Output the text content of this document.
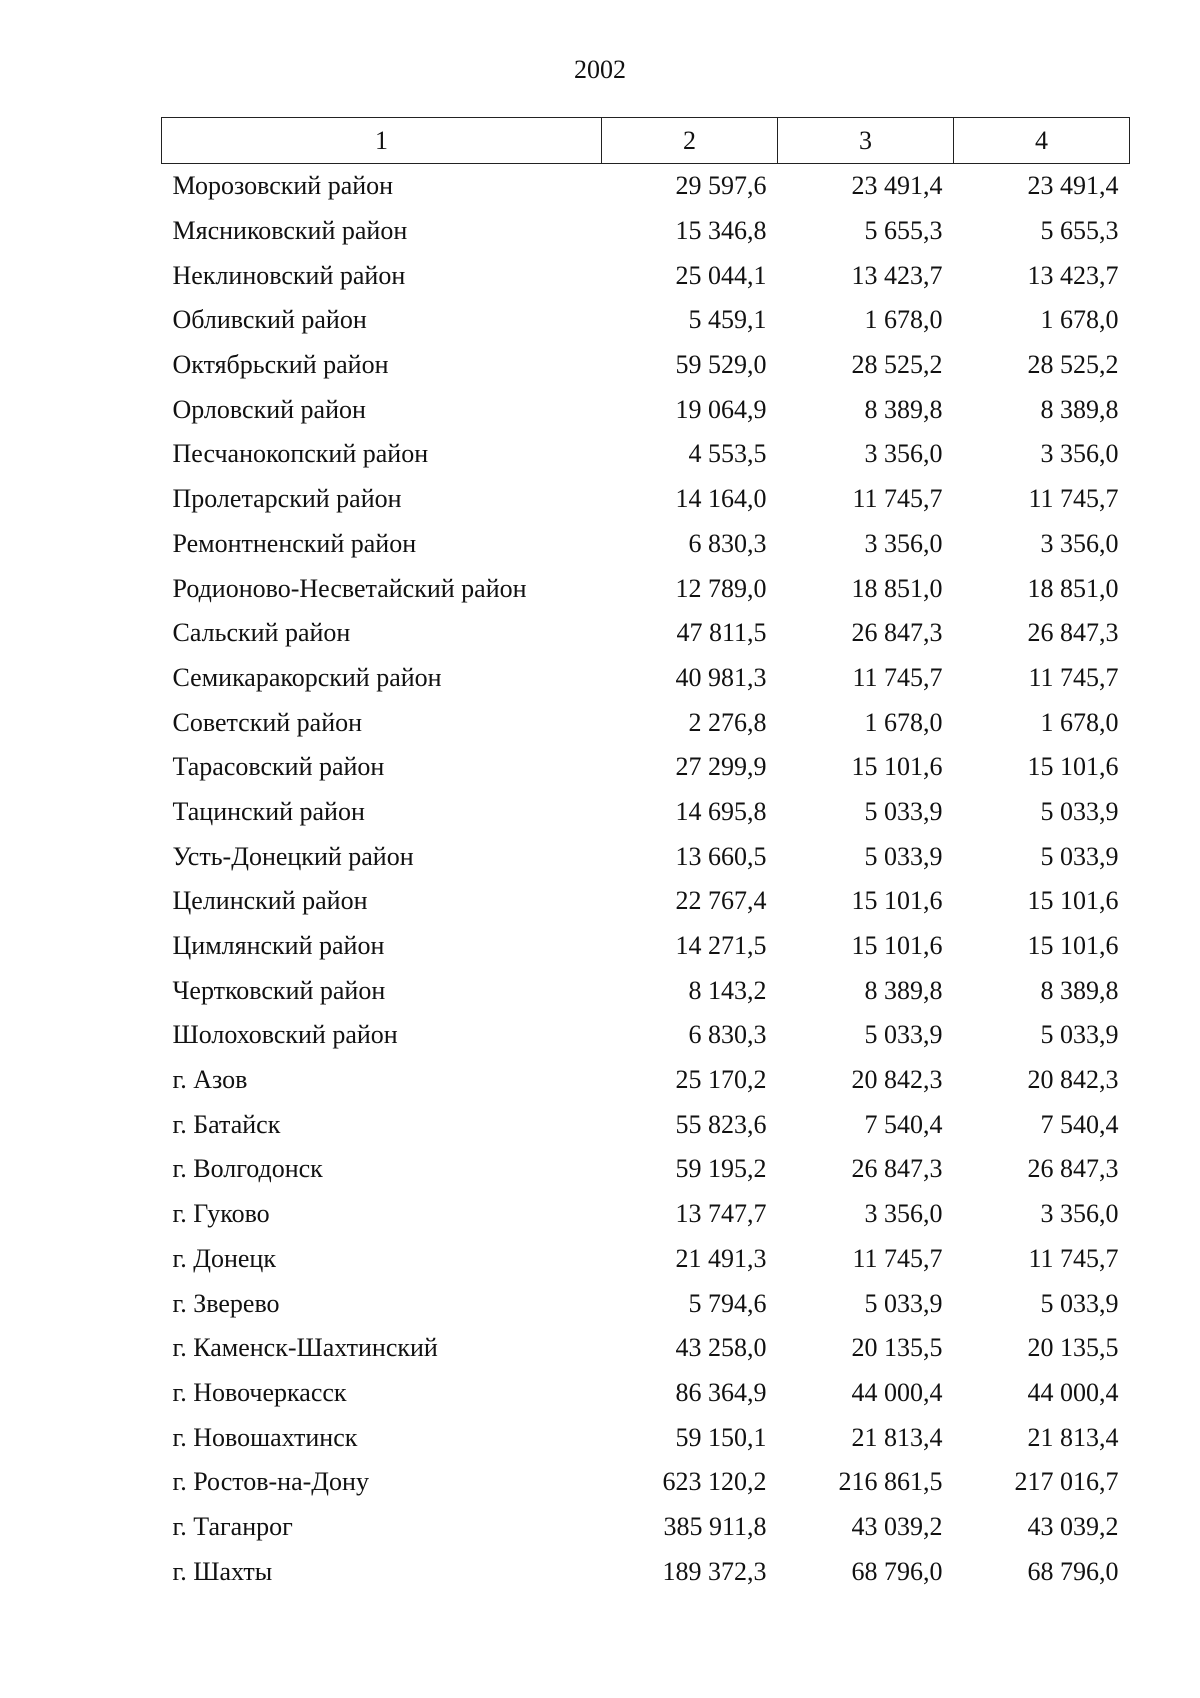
2002
1	2	3	4
Морозовский район	29 597,6	23 491,4	23 491,4
Мясниковский район	15 346,8	5 655,3	5 655,3
Неклиновский район	25 044,1	13 423,7	13 423,7
Обливский район	5 459,1	1 678,0	1 678,0
Октябрьский район	59 529,0	28 525,2	28 525,2
Орловский район	19 064,9	8 389,8	8 389,8
Песчанокопский район	4 553,5	3 356,0	3 356,0
Пролетарский район	14 164,0	11 745,7	11 745,7
Ремонтненский район	6 830,3	3 356,0	3 356,0
Родионово-Несветайский район	12 789,0	18 851,0	18 851,0
Сальский район	47 811,5	26 847,3	26 847,3
Семикаракорский район	40 981,3	11 745,7	11 745,7
Советский район	2 276,8	1 678,0	1 678,0
Тарасовский район	27 299,9	15 101,6	15 101,6
Тацинский район	14 695,8	5 033,9	5 033,9
Усть-Донецкий район	13 660,5	5 033,9	5 033,9
Целинский район	22 767,4	15 101,6	15 101,6
Цимлянский район	14 271,5	15 101,6	15 101,6
Чертковский район	8 143,2	8 389,8	8 389,8
Шолоховский район	6 830,3	5 033,9	5 033,9
г. Азов	25 170,2	20 842,3	20 842,3
г. Батайск	55 823,6	7 540,4	7 540,4
г. Волгодонск	59 195,2	26 847,3	26 847,3
г. Гуково	13 747,7	3 356,0	3 356,0
г. Донецк	21 491,3	11 745,7	11 745,7
г. Зверево	5 794,6	5 033,9	5 033,9
г. Каменск-Шахтинский	43 258,0	20 135,5	20 135,5
г. Новочеркасск	86 364,9	44 000,4	44 000,4
г. Новошахтинск	59 150,1	21 813,4	21 813,4
г. Ростов-на-Дону	623 120,2	216 861,5	217 016,7
г. Таганрог	385 911,8	43 039,2	43 039,2
г. Шахты	189 372,3	68 796,0	68 796,0
